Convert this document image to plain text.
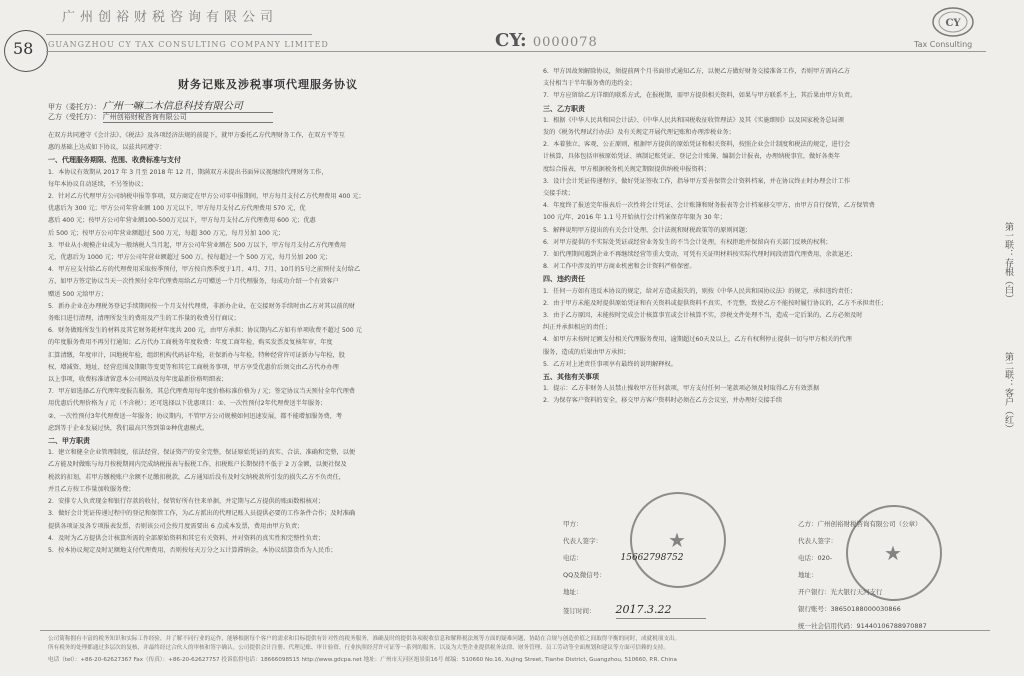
58
广州创裕财税咨询有限公司
GUANGZHOU CY TAX CONSULTING COMPANY LIMITED	CY: 0000078
CY
Tax Consulting
财务记账及涉税事项代理服务协议
甲方（委托方）： 广州一嘛二木信息科技有限公司
乙方（受托方）： 广州创裕财税咨询有限公司

在双方共同遵守《会计法》、《税法》及各项经济法规的前提下，就甲方委托乙方代理财务工作，在双方平等互

惠的基础上达成如下协议，以兹共同遵守：

一、代理服务期限、范围、收费标准与支付

1．本协议有效期从 2017 年 3 月至 2018 年 12 月，期满双方未提出书面异议视继续代理财务工作，

每年本协议自动延续，不另签协议；

2．针对乙方代理甲方公司纳税申报等事项，双方商定在甲方公司零申报期间，甲方每月支付乙方代理费用 400 元；

优惠后为 300 元；甲方公司年营业额 100 万元以下，甲方每月支付乙方代理费用 570 元，优

惠后 400 元；按甲方公司年营业额100-500万元以下，甲方每月支付乙方代理费用 600 元；优惠

后 500 元；按甲方公司年营业额超过 500 万元，每超 300 万元，每月另加 100 元；

3．甲业从小规模企业成为一般纳税人当月起，甲方公司年营业额在 500 万以下，甲方每月支付乙方代理费用

元，优惠后为 1000 元；甲方公司年营业额超过 500 万，按每超过一个 500 万元，每月另加 200 元；

4．甲方应支付给乙方的代理费用采取按季预付，甲方按自然季度于1月、4月、7月、10月的5号之前预付支付给乙

方，如甲方签定协议当天一次性预付全年代理费用给乙方可赠送一个月代理服务，每成功介绍一个有效客户

赠送 500 元给甲方；

5．新办企业在办理税务登记手续期间按一个月支付代理费，非新办企业，在交接财务手续时由乙方对其以前的财

务账目进行清理，清理所发生的费用及产生的工作量的收费另行商议；

6．财务做账所发生的材料及其它财务耗材年度共 200 元，由甲方承担；协议期内乙方如有单项收费不超过 500 元

的年度服务费用不再另行通知；乙方代办工商税务年度收费：年度工商年检，购买发票及复核年审，年度

汇算清缴，年度审计，国地税年检，组织机构代码证年检，社保新办与年检，特种经营许可证新办与年检，股

权、增减资、地址、经营范围及期限等变更等和其它工商税务事项，甲方享受优惠价后须交由乙方代办办理

以上事项，收费标准请留意本公司网站及每年度最新价格明细表；

7．甲方如选择乙方代理年度报告服务，其总代理费用每年度价格标准价格为 / 元；签定协议当天预付全年代理费

用优惠后代理价格为 / 元（不含税）；还可选择以下优惠项目：①、一次性预付2年代理费送半年服务；

②、一次性预付3年代理费送一年服务；协议期内，不管甲方公司规模如何迅速发展，都不能增加服务费，考

虑到等于企业发展过快，我们最高只签到第②种优惠模式。

二、甲方职责

1．建立和健全企业管理制度，依法经营，保证资产的安全完整，保证原始凭证的真实、合法、准确和完整，以便

乙方能及时做账与每月按税期间内完成纳税报表与报税工作，扣税账户长期保持不低于 2 万金额，以便社保及

税款的扣划，若甲方缴税账户余额不足缴扣税款，乙方通知后没有及时交纳税款所引发的损失乙方不负责任，

并且乙方按工作量加收服务费；

2．安排专人负责现金和银行存款的收付，保管好所有往来单据，并定期与乙方提供的账面数相核对；

3．做好会计凭证传递过程中的登记和保管工作，为乙方派出的代理记账人员提供必要的工作条件合作；及时准确

提供各项证及各专项报表发票，否则该公司会按月度需要出 6 点成本发票，费用由甲方负责；

4．及时为乙方提供会计核算所需的全部原始资料和其它有关资料，并对资料的真实性和完整性负责；

5．按本协议规定及时足额地支付代理费用，否则按每天万分之五计算滞纳金，本协议结算货币为人民币；

6．甲方因故须解除协议，须提前两个月书面形式通知乙方，以便乙方做好财务交接准备工作，否则甲方需向乙方

支付相当于半年服务费的违约金；

7．甲方应留给乙方详细的联系方式，在报税期，需甲方提供相关资料，如果与甲方联系不上，其后果由甲方负责。

三、乙方职责

1．根据《中华人民共和国会计法》、《中华人民共和国税收征收管理法》及其《实施细则》以及国家税务总局颁

发的《税务代理试行办法》及有关规定开展代理记账和办理涉税业务；

2．本着独立、客观、公正原则，根据甲方提供的原始凭证和相关资料，按照企业会计制度和税法的规定，进行会

计核算，具体包括审核原始凭证、填制记账凭证、登记会计账簿、编制会计报表，办理纳税事宜，做好各类年

度综合报表，甲方根据税务机关规定期限提供纳税申报资料；

3．设计会计凭证传递程序，做好凭证签收工作，指导甲方妥善保管会计资料档案，并在协议终止时办理会计工作

交接手续；

4．年度终了报送完年报表后一次性将会计凭证、会计账簿和财务报表等会计档案移交甲方，由甲方自行保管，乙方保管费

100 元/年，2016 年 1.1 号开始执行会计档案保存年限为 30 年；

5．解释说明甲方提出的有关会计处理、会计法规和财税政策等的原则问题；

6．对甲方提供的不实际处凭证或经营业务发生的不当会计处理，有权拒绝并保留向有关部门反映的权利；

7．如代理期间遇到企业不再继续经营等重大变动，可凭有关证明材料按实际代理时间段清算代理费用，余款退还；

8．对工作中涉及的甲方商业机密和会计资料严格保密。

四、违约责任

1．任何一方如有违反本协议的规定，给对方造成损失的，则按《中华人民共和国协议法》的规定，承担违约责任；

2．由于甲方未能及时提供原始凭证和有关资料或提供资料不真实、不完整，致使乙方不能按时履行协议的，乙方不承担责任；

3．由于乙方原因，未能按时完成会计核算事宜或会计核算不实，涉税文件处理不当，造成一定后果的，乙方必须及时

纠正并承担相应的责任；

4．如甲方未按时足额支付相关代理服务费用，逾期超过60天及以上，乙方有权利停止提供一切与甲方相关的代理

服务，造成的后果由甲方承担；

5．乙方对上述责任事项享有最终的说明解释权。

五、其他有关事项

1．提示：乙方非财务人员禁止操收甲方任何款项，甲方支付任何一笔款项必须及时取得乙方有效票据

2．为保存客户资料的安全，移交甲方客户资料时必须在乙方会议室，并办理好交接手续

甲方：
代表人签字：
电话：	15662798752
QQ及微信号：
地址：
签订时间： 2017.3.22
乙方：广州创裕财税咨询有限公司（公章）
代表人签字：
电话：020-
地址：
开户银行：光大银行天河支行
银行账号：38650188000030866
统一社会信用代码：91440106788970887
★
★
第一联：存根（白）
第二联：客户（红）
公司简称拥有丰富的税务知识和实际工作经验，并了解不同行业的运作，能够根据每个客户的需求和目标提供有针对性的税务服务，准确及时的提供各项税收信息和解释税法规等方面的疑难问题，协助在合规与创造价值之间取得平衡的同时，成就税项支出。
所有税务的处理都通过多层次的复核，并最终经过合伙人的审核和签字确认。公司提供会计注册、代理记账、审计验资、行业执照经营许可证等一系列的服务，以及为大型企业提供税务法律、财务管理、员工劳动等全面规划和建议等方面可信赖的支持。
电话（tel）：+86-20-62627367 Fax（传真）：+86-20-62627757 投诉监督电话：18666098515 http://www.gdcpa.net 地址：广州市天河区旭景街16号 邮编：510660 No.16, Xujing Street, Tianhe District, Guangzhou, 510660, P.R. China
